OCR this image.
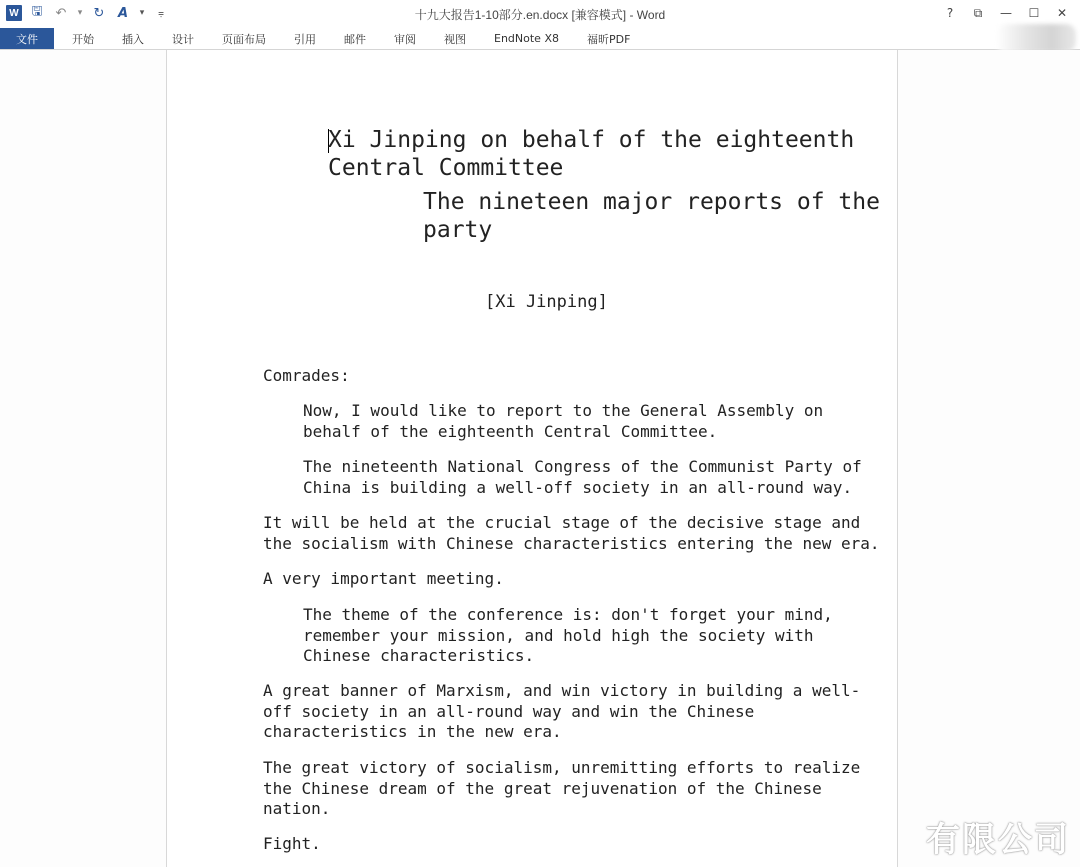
W 🖫 ↶	▾ ↻	A	▾	⩦	十九大报告1-10部分.en.docx [兼容模式] - Word	?	⧉	—	☐	✕
文件	开始	插入	设计	页面布局	引用	邮件	审阅	视图	EndNote X8	福昕PDF
Xi Jinping on behalf of the eighteenth
Central Committee
The nineteen major reports of the
party
[Xi Jinping]
Comrades:
Now, I would like to report to the General Assembly on
behalf of the eighteenth Central Committee.
The nineteenth National Congress of the Communist Party of
China is building a well-off society in an all-round way.
It will be held at the crucial stage of the decisive stage and
the socialism with Chinese characteristics entering the new era.
A very important meeting.
The theme of the conference is: don't forget your mind,
remember your mission, and hold high the society with
Chinese characteristics.
A great banner of Marxism, and win victory in building a well-
off society in an all-round way and win the Chinese
characteristics in the new era.
The great victory of socialism, unremitting efforts to realize
the Chinese dream of the great rejuvenation of the Chinese
nation.
Fight.	有限公司
